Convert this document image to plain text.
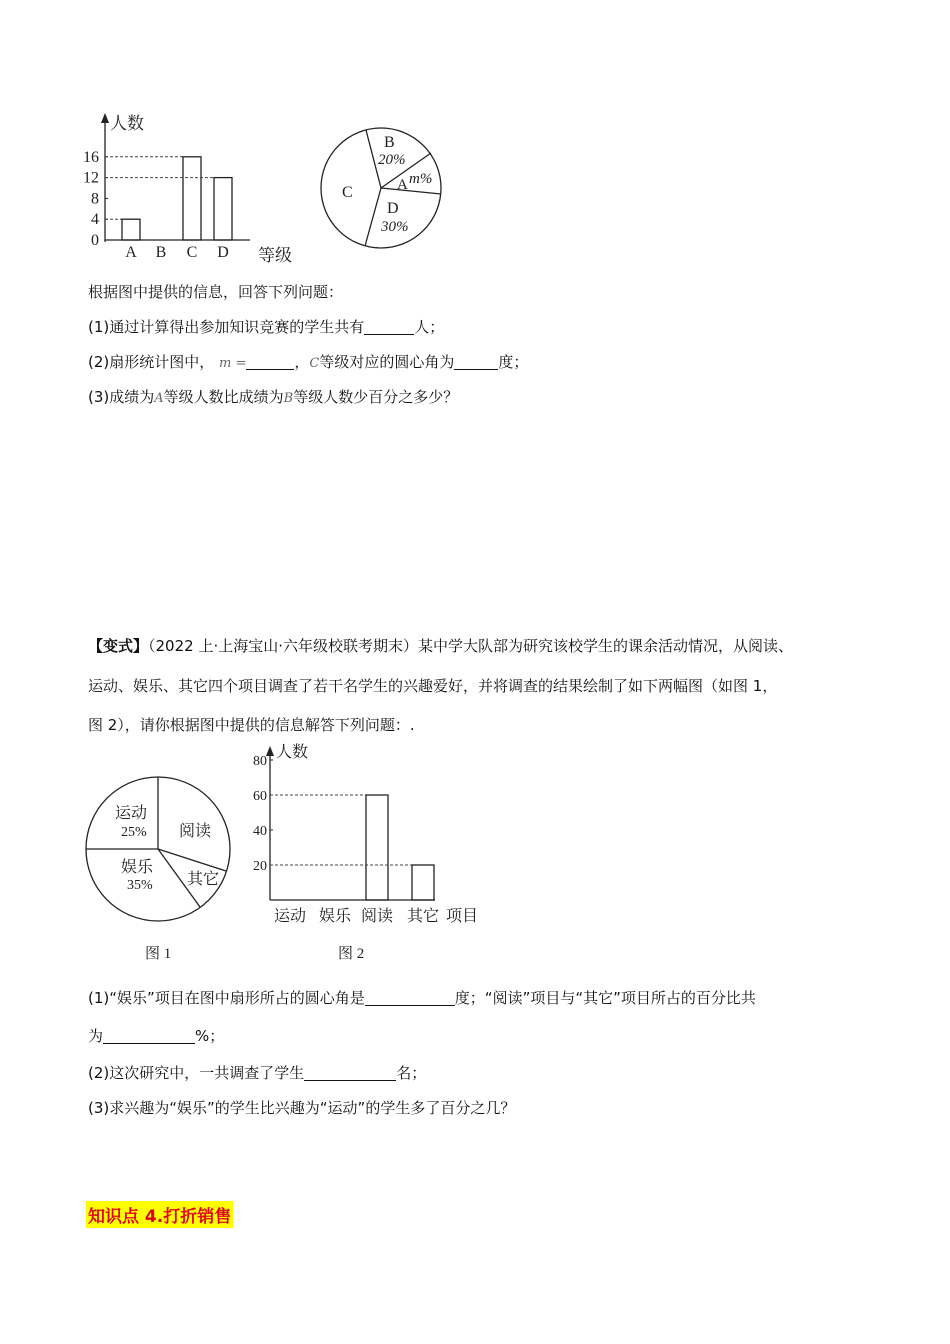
0
4
8
12
16
A B C D
人数
等级
B
20%
A m%
D
30%
C
根据图中提供的信息，回答下列问题：
(1)通过计算得出参加知识竞赛的学生共有	人；
(2)扇形统计图中， m =	，C等级对应的圆心角为	度；
(3)成绩为A等级人数比成绩为B等级人数少百分之多少？
【变式】（2022 上·上海宝山·六年级校联考期末）某中学大队部为研究该校学生的课余活动情况，从阅读、
运动、娱乐、其它四个项目调查了若干名学生的兴趣爱好，并将调查的结果绘制了如下两幅图（如图 1，
图 2），请你根据图中提供的信息解答下列问题：.
运动
25% 阅读
其它
娱乐
35%
图 1
20
40
60
80
运动 娱乐 阅读 其它 项目
人数
图 2
(1)“娱乐”项目在图中扇形所占的圆心角是	度；“阅读”项目与“其它”项目所占的百分比共
为	%；
(2)这次研究中，一共调查了学生	名；
(3)求兴趣为“娱乐”的学生比兴趣为“运动”的学生多了百分之几？
知识点 4.打折销售
